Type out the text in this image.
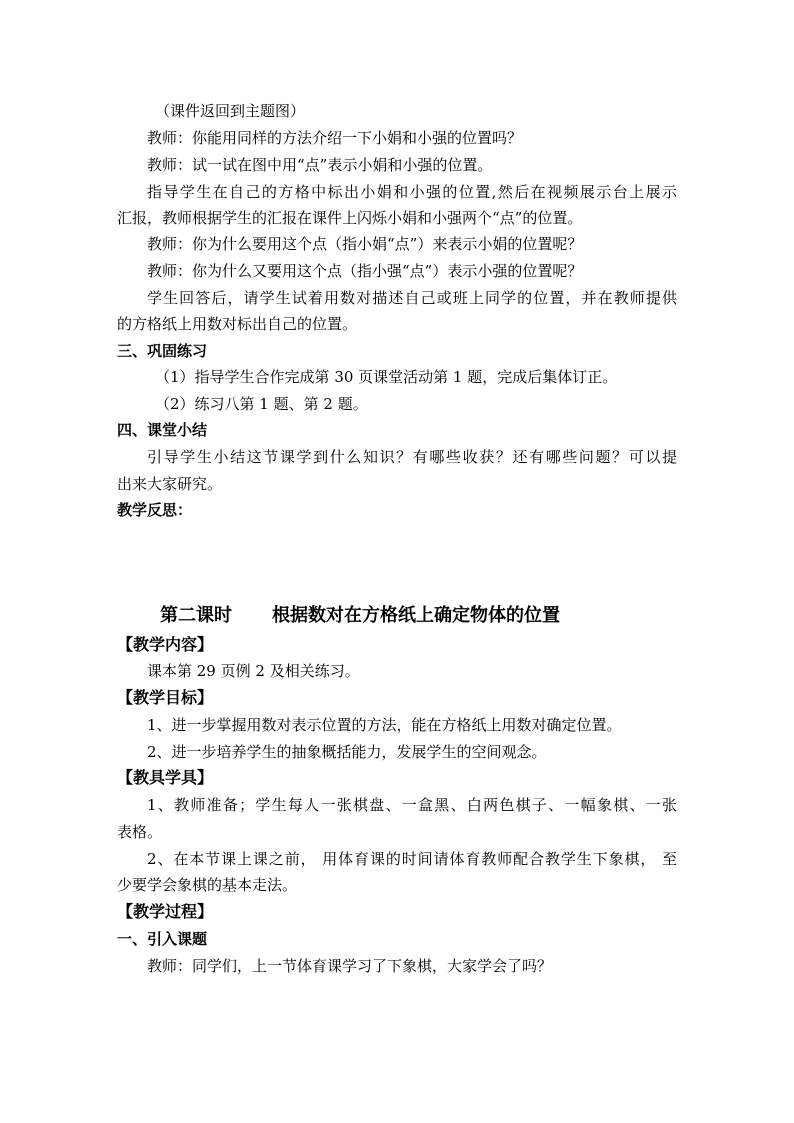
（课件返回到主题图）
教师：你能用同样的方法介绍一下小娟和小强的位置吗？
教师：试一试在图中用“点”表示小娟和小强的位置。
指导学生在自己的方格中标出小娟和小强的位置,然后在视频展示台上展示
汇报，教师根据学生的汇报在课件上闪烁小娟和小强两个“点”的位置。
教师：你为什么要用这个点（指小娟“点”）来表示小娟的位置呢？
教师：你为什么又要用这个点（指小强“点”）表示小强的位置呢？
学生回答后，请学生试着用数对描述自己或班上同学的位置，并在教师提供
的方格纸上用数对标出自己的位置。
三、巩固练习
（1）指导学生合作完成第 30 页课堂活动第 1 题，完成后集体订正。
（2）练习八第 1 题、第 2 题。
四、课堂小结
引导学生小结这节课学到什么知识？有哪些收获？还有哪些问题？可以提
出来大家研究。
教学反思：
第二课时 根据数对在方格纸上确定物体的位置
【教学内容】
课本第 29 页例 2 及相关练习。
【教学目标】
1、进一步掌握用数对表示位置的方法，能在方格纸上用数对确定位置。
2、进一步培养学生的抽象概括能力，发展学生的空间观念。
【教具学具】
1、教师准备；学生每人一张棋盘、一盒黑、白两色棋子、一幅象棋、一张
表格。
2、在本节课上课之前， 用体育课的时间请体育教师配合教学生下象棋， 至
少要学会象棋的基本走法。
【教学过程】
一、引入课题
教师：同学们，上一节体育课学习了下象棋，大家学会了吗？
